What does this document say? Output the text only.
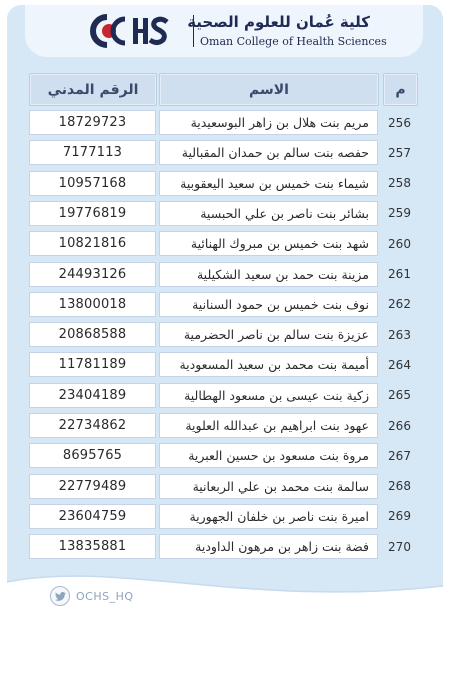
كلية عُمان للعلوم الصحية
Oman College of Health Sciences
م
الاسم
الرقم المدني
256
مريم بنت هلال بن زاهر البوسعيدية
18729723
257
حفصه بنت سالم بن حمدان المقبالية
7177113
258
شيماء بنت خميس بن سعيد اليعقوبية
10957168
259
بشائر بنت ناصر بن علي الحبسية
19776819
260
شهد بنت خميس بن مبروك الهنائية
10821816
261
مزينة بنت حمد بن سعيد الشكيلية
24493126
262
نوف بنت خميس بن حمود السنانية
13800018
263
عزيزة بنت سالم بن ناصر الحضرمية
20868588
264
أميمة بنت محمد بن سعيد المسعودية
11781189
265
زكية بنت عيسى بن مسعود الهطالية
23404189
266
عهود بنت ابراهيم بن عبدالله العلوية
22734862
267
مروة بنت مسعود بن حسين العبرية
8695765
268
سالمة بنت محمد بن علي الربعانية
22779489
269
اميرة بنت ناصر بن خلفان الجهورية
23604759
270
فضة بنت زاهر بن مرهون الداودية
13835881
OCHS_HQ
